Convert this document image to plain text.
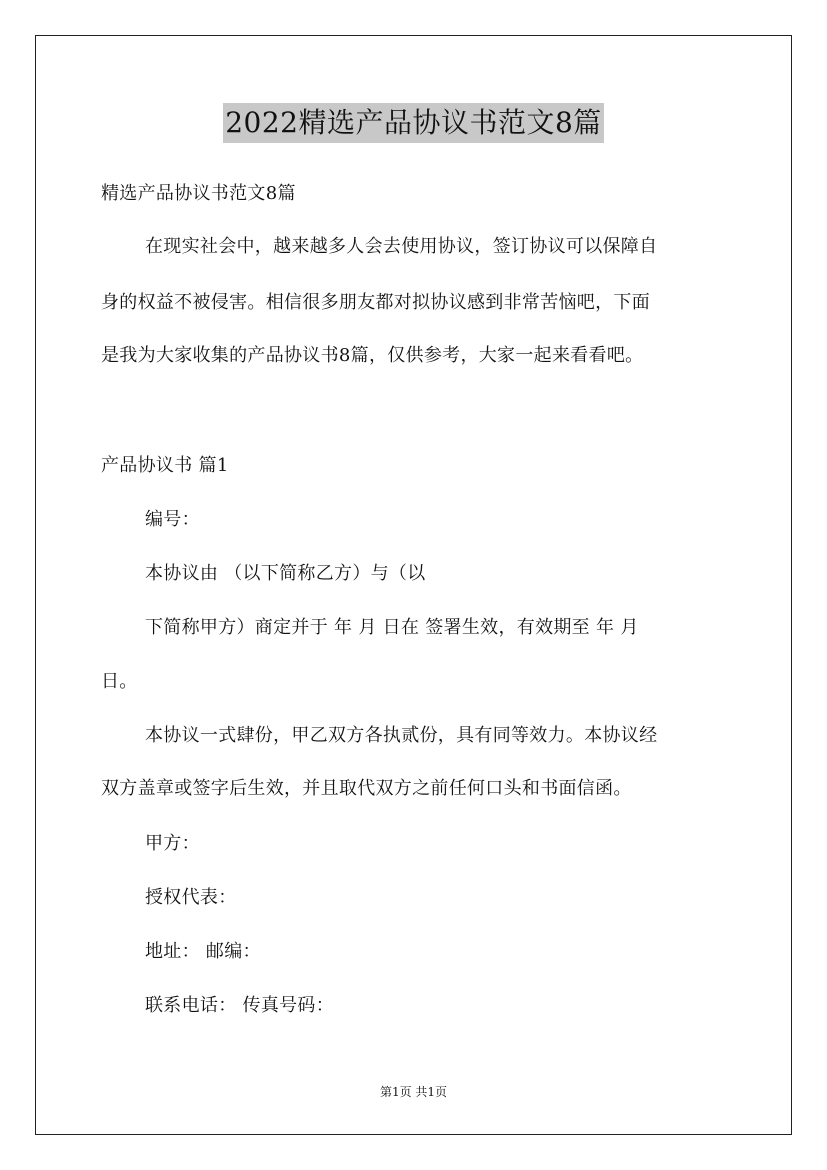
2022精选产品协议书范文8篇
精选产品协议书范文8篇
在现实社会中，越来越多人会去使用协议，签订协议可以保障自
身的权益不被侵害。相信很多朋友都对拟协议感到非常苦恼吧，下面
是我为大家收集的产品协议书8篇，仅供参考，大家一起来看看吧。
产品协议书 篇1
编号：
本协议由 （以下简称乙方）与（以
下简称甲方）商定并于 年 月 日在 签署生效，有效期至 年 月
日。
本协议一式肆份，甲乙双方各执贰份，具有同等效力。本协议经
双方盖章或签字后生效，并且取代双方之前任何口头和书面信函。
甲方：
授权代表：
地址： 邮编：
联系电话： 传真号码：
第1页 共1页
